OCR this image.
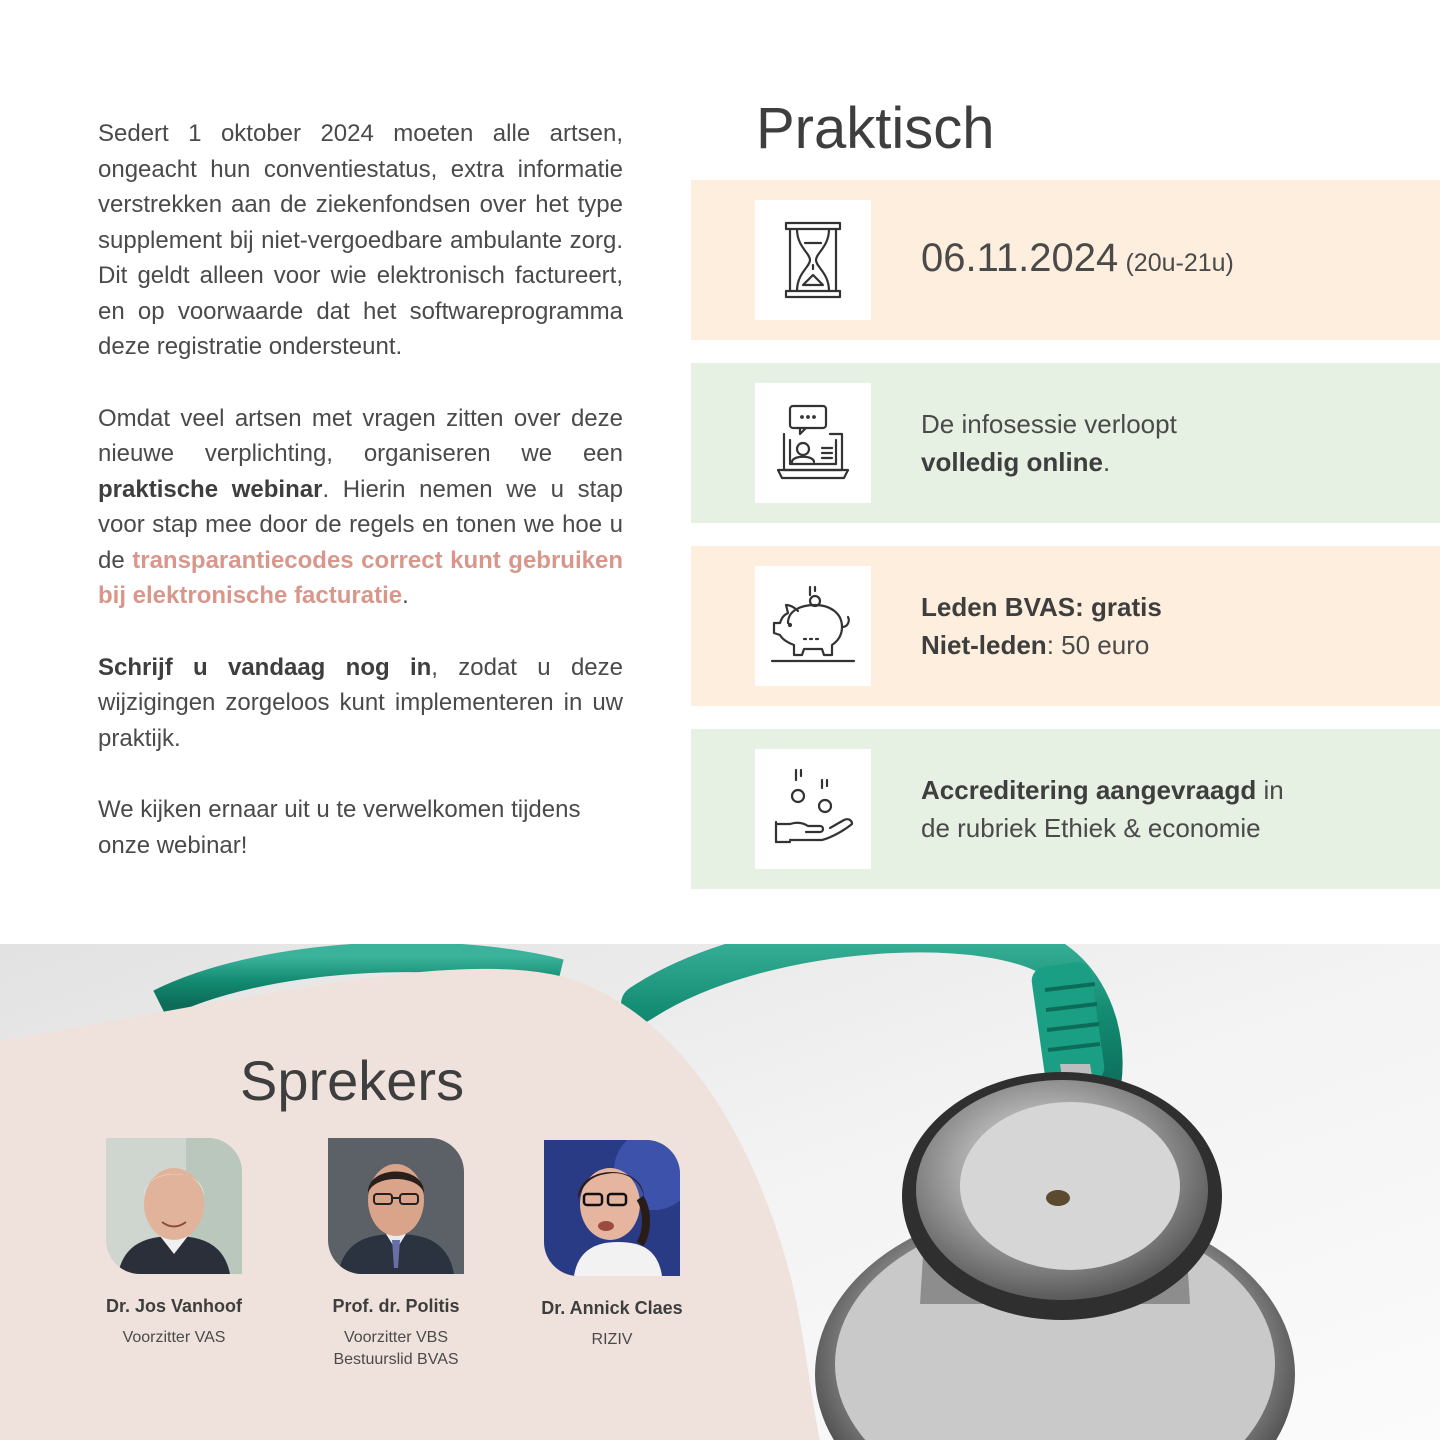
Sedert 1 oktober 2024 moeten alle artsen, ongeacht hun conventiestatus, extra informatie verstrekken aan de ziekenfondsen over het type supplement bij niet-vergoedbare ambulante zorg. Dit geldt alleen voor wie elektronisch factureert, en op voorwaarde dat het softwareprogramma deze registratie ondersteunt.

Omdat veel artsen met vragen zitten over deze nieuwe verplichting, organiseren we een praktische webinar. Hierin nemen we u stap voor stap mee door de regels en tonen we hoe u de transparantiecodes correct kunt gebruiken bij elektronische facturatie.

Schrijf u vandaag nog in, zodat u deze wijzigingen zorgeloos kunt implementeren in uw praktijk.

We kijken ernaar uit u te verwelkomen tijdens onze webinar!

Praktisch
06.11.2024 (20u-21u)
De infosessie verloopt
volledig online.
Leden BVAS: gratis
Niet-leden: 50 euro
Accreditering aangevraagd in
de rubriek Ethiek & economie
Sprekers
Dr. Jos Vanhoof
Voorzitter VAS
Prof. dr. Politis
Voorzitter VBS
Bestuurslid BVAS
Dr. Annick Claes
RIZIV
